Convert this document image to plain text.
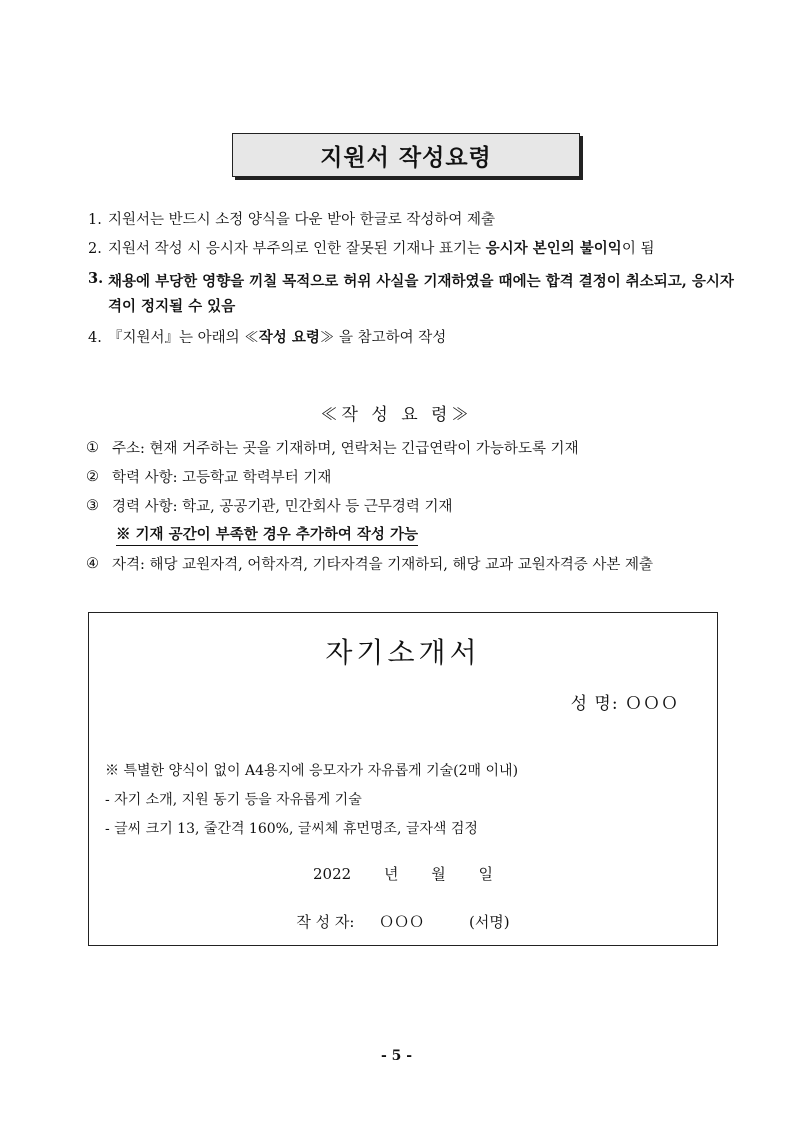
지원서 작성요령
1. 지원서는 반드시 소정 양식을 다운 받아 한글로 작성하여 제출
2. 지원서 작성 시 응시자 부주의로 인한 잘못된 기재나 표기는 응시자 본인의 불이익이 됨
3. 채용에 부당한 영향을 끼칠 목적으로 허위 사실을 기재하였을 때에는 합격 결정이 취소되고, 응시자격이 정지될 수 있음
4. 『지원서』는 아래의 ≪작성 요령≫ 을 참고하여 작성
≪작 성 요 령≫
① 주소: 현재 거주하는 곳을 기재하며, 연락처는 긴급연락이 가능하도록 기재
② 학력 사항: 고등학교 학력부터 기재
③ 경력 사항: 학교, 공공기관, 민간회사 등 근무경력 기재
※ 기재 공간이 부족한 경우 추가하여 작성 가능
④ 자격: 해당 교원자격, 어학자격, 기타자격을 기재하되, 해당 교과 교원자격증 사본 제출
자기소개서
성 명: ＯＯＯ
※ 특별한 양식이 없이 A4용지에 응모자가 자유롭게 기술(2매 이내)
- 자기 소개, 지원 동기 등을 자유롭게 기술
- 글씨 크기 13, 줄간격 160%, 글씨체 휴먼명조, 글자색 검정
2022 년 월 일
작 성 자: ＯＯＯ	(서명)
- 5 -
